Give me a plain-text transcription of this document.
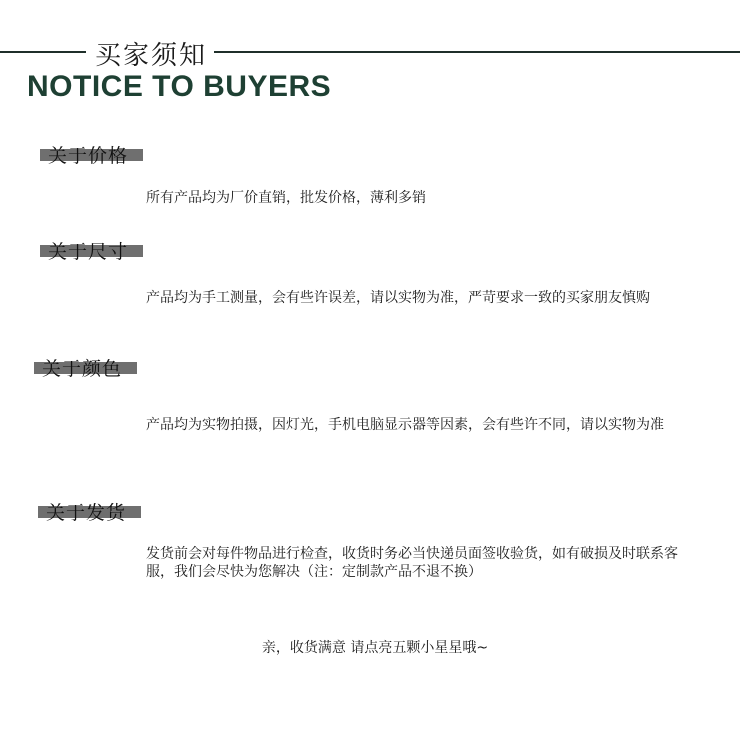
买家须知
NOTICE TO BUYERS
关于价格
所有产品均为厂价直销，批发价格，薄利多销
关于尺寸
产品均为手工测量，会有些许误差，请以实物为准，严苛要求一致的买家朋友慎购
关于颜色
产品均为实物拍摄，因灯光，手机电脑显示器等因素，会有些许不同，请以实物为准
关于发货
发货前会对每件物品进行检查，收货时务必当快递员面签收验货，如有破损及时联系客
服，我们会尽快为您解决（注：定制款产品不退不换）
亲，收货满意 请点亮五颗小星星哦~
